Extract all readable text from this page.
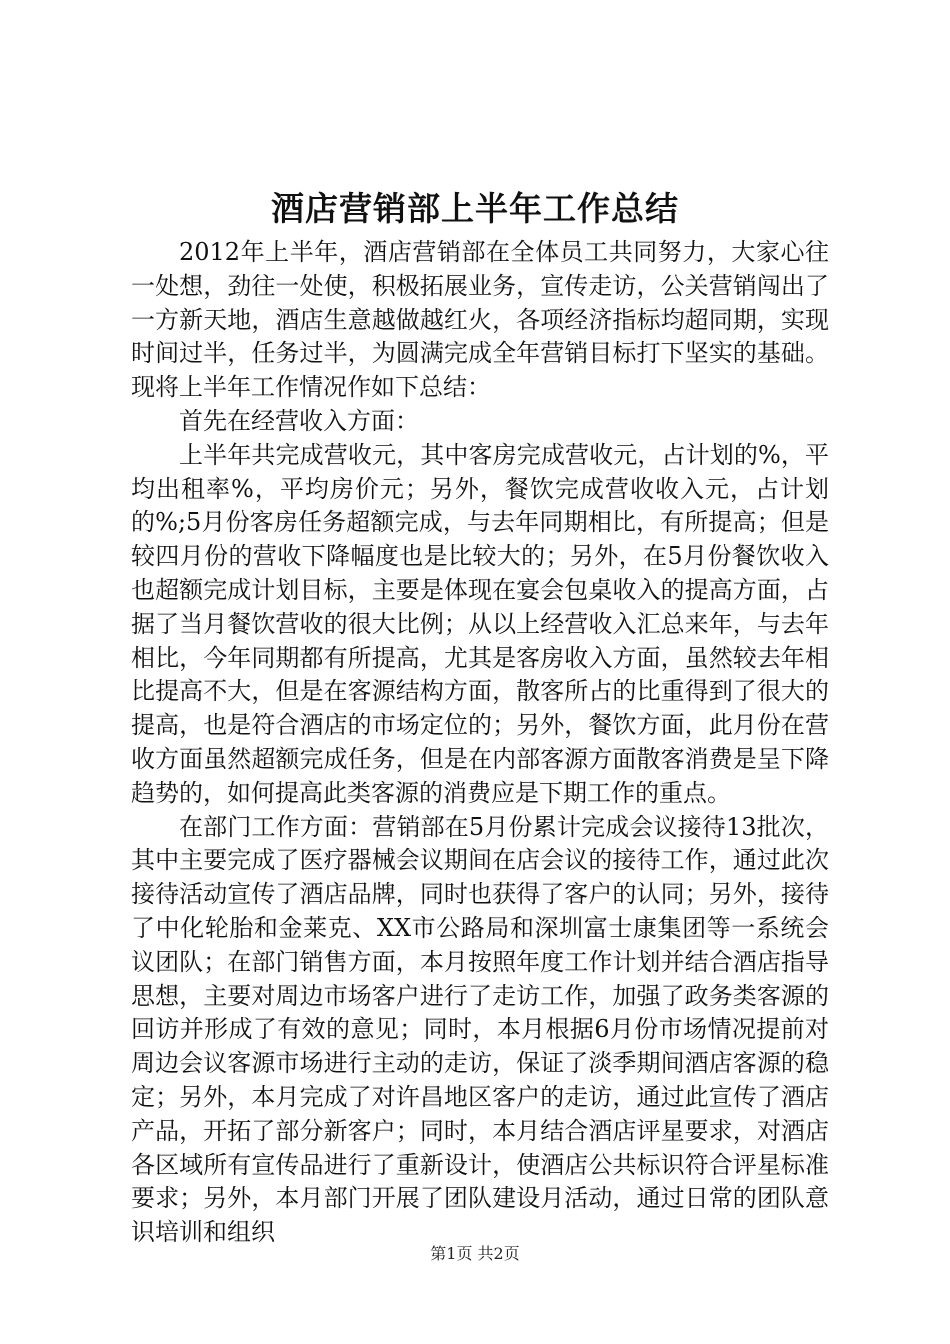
酒店营销部上半年工作总结

2012年上半年，酒店营销部在全体员工共同努力，大家心往一处想，劲往一处使，积极拓展业务，宣传走访，公关营销闯出了一方新天地，酒店生意越做越红火，各项经济指标均超同期，实现时间过半，任务过半，为圆满完成全年营销目标打下坚实的基础。现将上半年工作情况作如下总结：

首先在经营收入方面：

上半年共完成营收元，其中客房完成营收元，占计划的%，平均出租率%，平均房价元；另外，餐饮完成营收收入元，占计划的%;5月份客房任务超额完成，与去年同期相比，有所提高；但是较四月份的营收下降幅度也是比较大的；另外，在5月份餐饮收入也超额完成计划目标，主要是体现在宴会包桌收入的提高方面，占据了当月餐饮营收的很大比例；从以上经营收入汇总来年，与去年相比，今年同期都有所提高，尤其是客房收入方面，虽然较去年相比提高不大，但是在客源结构方面，散客所占的比重得到了很大的提高，也是符合酒店的市场定位的；另外，餐饮方面，此月份在营收方面虽然超额完成任务，但是在内部客源方面散客消费是呈下降趋势的，如何提高此类客源的消费应是下期工作的重点。

在部门工作方面：营销部在5月份累计完成会议接待13批次，其中主要完成了医疗器械会议期间在店会议的接待工作，通过此次接待活动宣传了酒店品牌，同时也获得了客户的认同；另外，接待了中化轮胎和金莱克、XX市公路局和深圳富士康集团等一系统会议团队；在部门销售方面，本月按照年度工作计划并结合酒店指导思想，主要对周边市场客户进行了走访工作，加强了政务类客源的回访并形成了有效的意见；同时，本月根据6月份市场情况提前对周边会议客源市场进行主动的走访，保证了淡季期间酒店客源的稳定；另外，本月完成了对许昌地区客户的走访，通过此宣传了酒店产品，开拓了部分新客户；同时，本月结合酒店评星要求，对酒店各区域所有宣传品进行了重新设计，使酒店公共标识符合评星标准要求；另外，本月部门开展了团队建设月活动，通过日常的团队意识培训和组织

第1页 共2页
